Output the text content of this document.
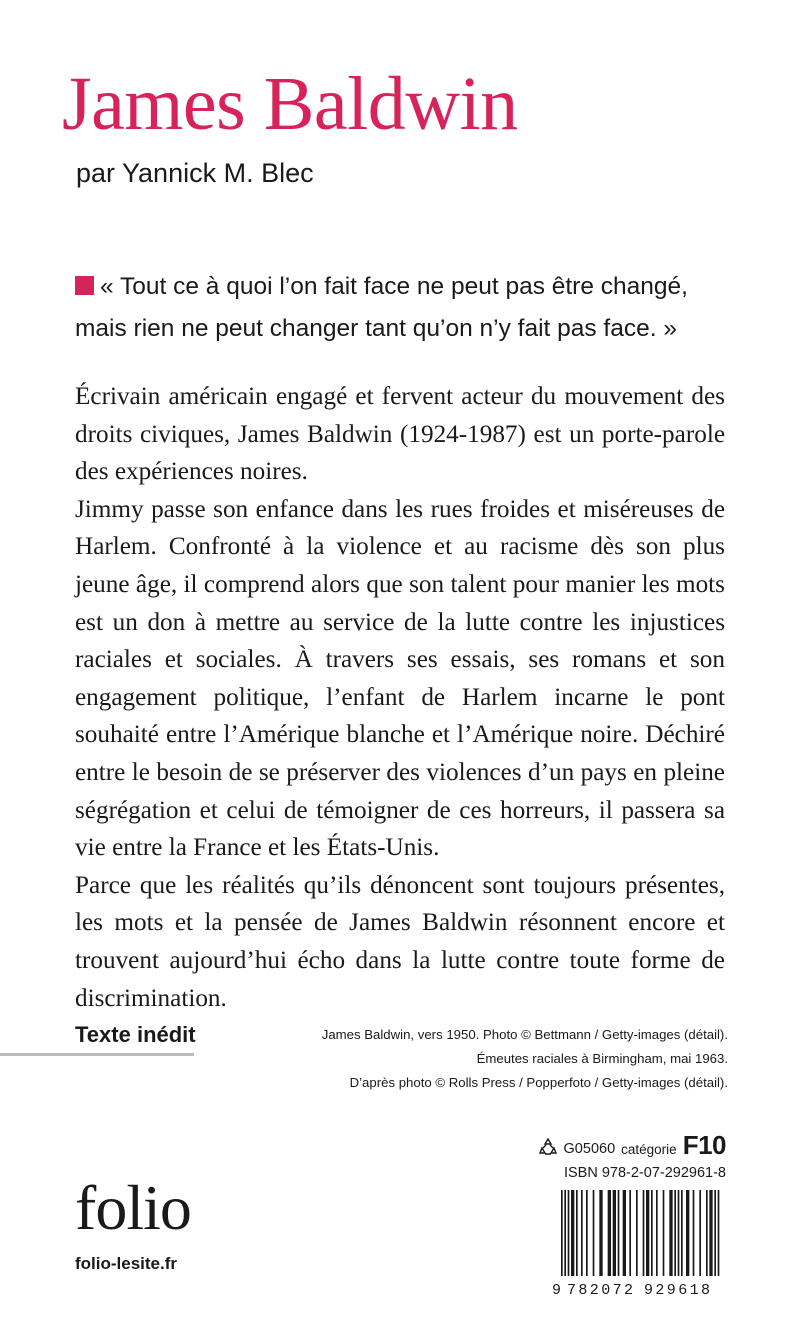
James Baldwin
par Yannick M. Blec
« Tout ce à quoi l’on fait face ne peut pas être changé, mais rien ne peut changer tant qu’on n’y fait pas face. »

Écrivain américain engagé et fervent acteur du mouvement des droits civiques, James Baldwin (1924-1987) est un porte-parole des expériences noires.

Jimmy passe son enfance dans les rues froides et miséreuses de Harlem. Confronté à la violence et au racisme dès son plus jeune âge, il comprend alors que son talent pour manier les mots est un don à mettre au service de la lutte contre les injustices raciales et sociales. À travers ses essais, ses romans et son engagement politique, l’enfant de Harlem incarne le pont souhaité entre l’Amérique blanche et l’Amérique noire. Déchiré entre le besoin de se préserver des violences d’un pays en pleine ségrégation et celui de témoigner de ces horreurs, il passera sa vie entre la France et les États-Unis.

Parce que les réalités qu’ils dénoncent sont toujours présentes, les mots et la pensée de James Baldwin résonnent encore et trouvent aujourd’hui écho dans la lutte contre toute forme de discrimination.

Texte inédit	James Baldwin, vers 1950. Photo © Bettmann / Getty-images (détail).
Émeutes raciales à Birmingham, mai 1963.
D’après photo © Rolls Press / Popperfoto / Getty-images (détail).
G05060 catégorie F10
ISBN 978-2-07-292961-8
9 782072 929618
folio
folio-lesite.fr
